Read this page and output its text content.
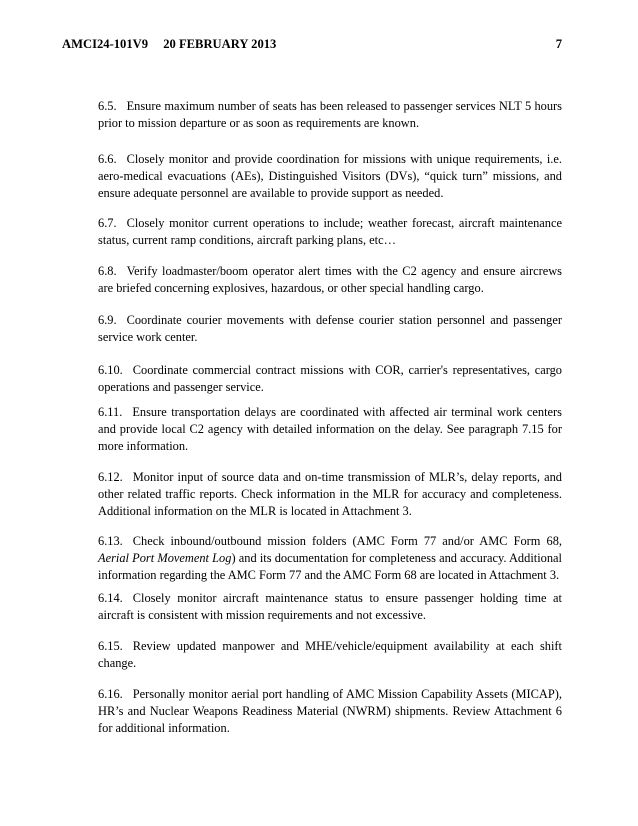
AMCI24-101V9 20 FEBRUARY 2013	7
6.5. Ensure maximum number of seats has been released to passenger services NLT 5 hours prior to mission departure or as soon as requirements are known.
6.6. Closely monitor and provide coordination for missions with unique requirements, i.e. aero-medical evacuations (AEs), Distinguished Visitors (DVs), “quick turn” missions, and ensure adequate personnel are available to provide support as needed.
6.7. Closely monitor current operations to include; weather forecast, aircraft maintenance status, current ramp conditions, aircraft parking plans, etc…
6.8. Verify loadmaster/boom operator alert times with the C2 agency and ensure aircrews are briefed concerning explosives, hazardous, or other special handling cargo.
6.9. Coordinate courier movements with defense courier station personnel and passenger service work center.
6.10. Coordinate commercial contract missions with COR, carrier's representatives, cargo operations and passenger service.
6.11. Ensure transportation delays are coordinated with affected air terminal work centers and provide local C2 agency with detailed information on the delay. See paragraph 7.15 for more information.
6.12. Monitor input of source data and on-time transmission of MLR’s, delay reports, and other related traffic reports. Check information in the MLR for accuracy and completeness. Additional information on the MLR is located in Attachment 3.
6.13. Check inbound/outbound mission folders (AMC Form 77 and/or AMC Form 68, Aerial Port Movement Log) and its documentation for completeness and accuracy. Additional information regarding the AMC Form 77 and the AMC Form 68 are located in Attachment 3.
6.14. Closely monitor aircraft maintenance status to ensure passenger holding time at aircraft is consistent with mission requirements and not excessive.
6.15. Review updated manpower and MHE/vehicle/equipment availability at each shift change.
6.16. Personally monitor aerial port handling of AMC Mission Capability Assets (MICAP), HR’s and Nuclear Weapons Readiness Material (NWRM) shipments. Review Attachment 6 for additional information.
